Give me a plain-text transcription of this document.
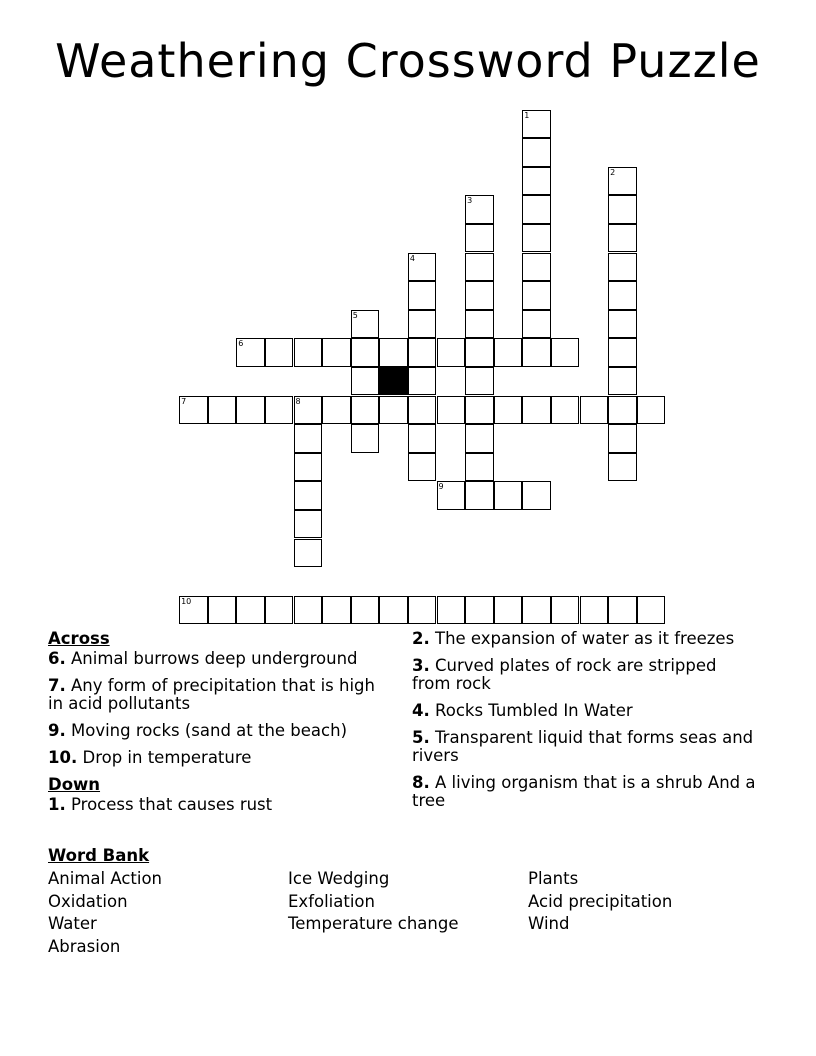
Weathering Crossword Puzzle
1
2
3
4
5
6
7	8
9
10
Across
6. Animal burrows deep underground
7. Any form of precipitation that is high in acid pollutants
9. Moving rocks (sand at the beach)
10. Drop in temperature
Down
1. Process that causes rust
2. The expansion of water as it freezes
3. Curved plates of rock are stripped from rock
4. Rocks Tumbled In Water
5. Transparent liquid that forms seas and rivers
8. A living organism that is a shrub And a tree
Word Bank
Animal Action
Oxidation
Water
Abrasion
Ice Wedging
Exfoliation
Temperature change
Plants
Acid precipitation
Wind
